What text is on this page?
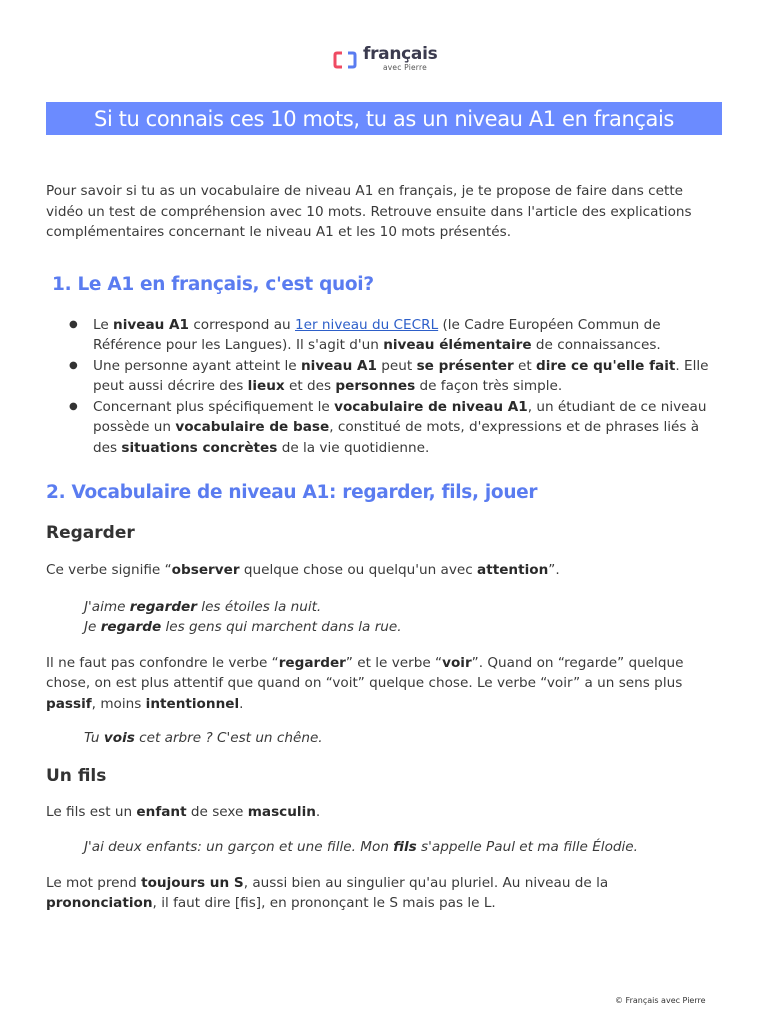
français
avec Pierre
Si tu connais ces 10 mots, tu as un niveau A1 en français

Pour savoir si tu as un vocabulaire de niveau A1 en français, je te propose de faire dans cette vidéo un test de compréhension avec 10 mots. Retrouve ensuite dans l'article des explications complémentaires concernant le niveau A1 et les 10 mots présentés.

1. Le A1 en français, c'est quoi?
● Le niveau A1 correspond au 1er niveau du CECRL (le Cadre Européen Commun de Référence pour les Langues). Il s'agit d'un niveau élémentaire de connaissances.
● Une personne ayant atteint le niveau A1 peut se présenter et dire ce qu'elle fait. Elle peut aussi décrire des lieux et des personnes de façon très simple.
● Concernant plus spécifiquement le vocabulaire de niveau A1, un étudiant de ce niveau possède un vocabulaire de base, constitué de mots, d'expressions et de phrases liés à des situations concrètes de la vie quotidienne.
2. Vocabulaire de niveau A1: regarder, fils, jouer
Regarder

Ce verbe signifie “observer quelque chose ou quelqu'un avec attention”.

J'aime regarder les étoiles la nuit.

Je regarde les gens qui marchent dans la rue.

Il ne faut pas confondre le verbe “regarder” et le verbe “voir”. Quand on “regarde” quelque chose, on est plus attentif que quand on “voit” quelque chose. Le verbe “voir” a un sens plus passif, moins intentionnel.

Tu vois cet arbre ? C'est un chêne.

Un fils

Le fils est un enfant de sexe masculin.

J'ai deux enfants: un garçon et une fille. Mon fils s'appelle Paul et ma fille Élodie.

Le mot prend toujours un S, aussi bien au singulier qu'au pluriel. Au niveau de la prononciation, il faut dire [fis], en prononçant le S mais pas le L.

© Français avec Pierre
